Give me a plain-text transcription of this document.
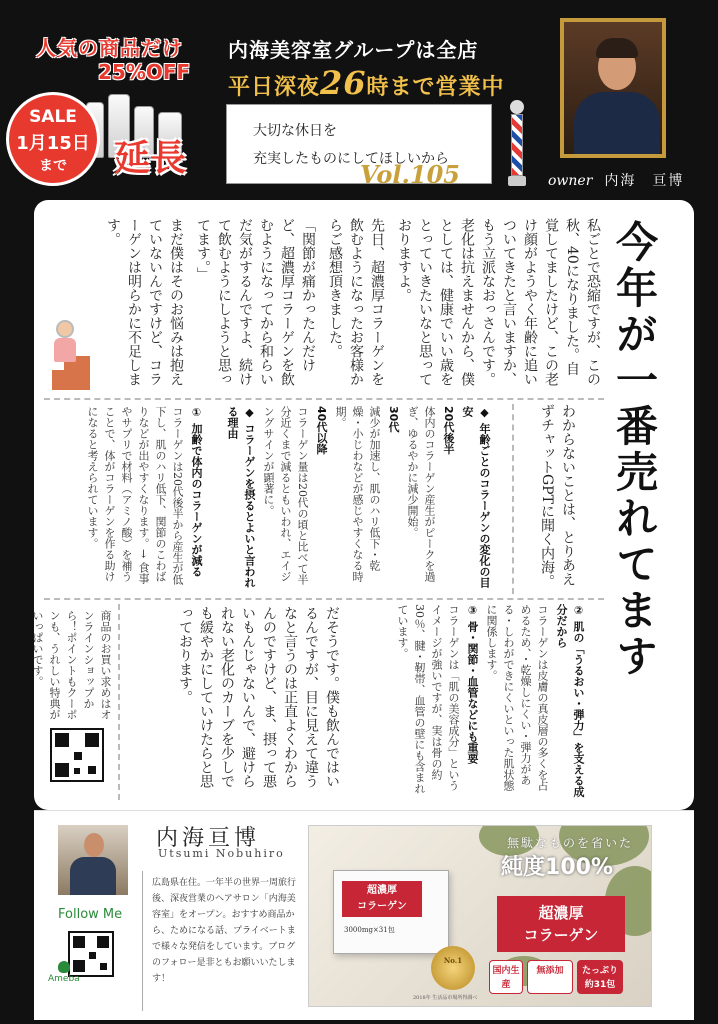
人気の商品だけ
25%OFF
SALE
1月15日
まで	延長
内海美容室グループは全店
平日深夜26時まで営業中

大切な休日を

充実したものにしてほしいから

Vol.105	owner 内海　亘博
今年が一番売れてます

私ごとで恐縮ですが、この秋、40になりました。自覚してましたけど、この老け顔がようやく年齢に追いついてきたと言いますか、もう立派なおっさんです。老化は抗えませんから、僕としては、健康でいい歳をとっていきたいなと思っておりますよ。

先日、超濃厚コラーゲンを飲むようになったお客様からご感想頂きました。

「関節が痛かったんだけど、超濃厚コラーゲンを飲むようになってから和らいだ気がするんですよ、続けて飲むようにしようと思ってます。」

まだ僕はそのお悩みは抱えていないんですけど、コラーゲンは明らかに不足します。

わからないことは、とりあえずチャットGPTに聞く内海。

◆ 年齢ごとのコラーゲンの変化の目安

20代後半

体内のコラーゲン産生がピークを過ぎ、ゆるやかに減少開始。

30代

減少が加速し、肌のハリ低下・乾燥・小じわなどが感じやすくなる時期。

40代以降

コラーゲン量は20代の頃と比べて半分近くまで減るともいわれ、エイジングサインが顕著に。

◆ コラーゲンを摂るとよいと言われる理由

① 加齢で体内のコラーゲンが減る

コラーゲンは20代後半から産生が低下し、肌のハリ低下、関節のこわばりなどが出やすくなります。→ 食事やサプリで材料（アミノ酸）を補うことで、体がコラーゲンを作る助けになると考えられています。

② 肌の「うるおい・弾力」を支える成分だから

コラーゲンは皮膚の真皮層の多くを占めるため、・乾燥しにくい・弾力がある・しわができにくいといった肌状態に関係します。

③ 骨・関節・血管などにも重要

コラーゲンは「肌の美容成分」というイメージが強いですが、実は骨の約30％、腱・靭帯、血管の壁にも含まれています。

だそうです。僕も飲んではいるんですが、目に見えて違うなと言うのは正直よくわからんのですけど、ま、摂って悪いもんじゃないんで、避けられない老化のカーブを少しでも緩やかにしていけたらと思っております。

商品のお買い求めはオンラインショップから！ポイントもクーポンも、うれしい特典がいっぱいです。

内海亘博
Utsumi Nobuhiro
Follow Me
Ameba
広島県在住。一年半の世界一周旅行後、深夜営業のヘアサロン「内海美容室」をオープン。おすすめ商品から、ためになる話、プライベートまで様々な発信をしています。ブログのフォロー是非ともお願いいたします！
無駄なものを省いた
純度100%
超濃厚
コラーゲン
3000mg×31包
超濃厚
コラーゲン
No.1
国内生産
無添加	たっぷり約31包
2018年 生活品市場所得調べ
